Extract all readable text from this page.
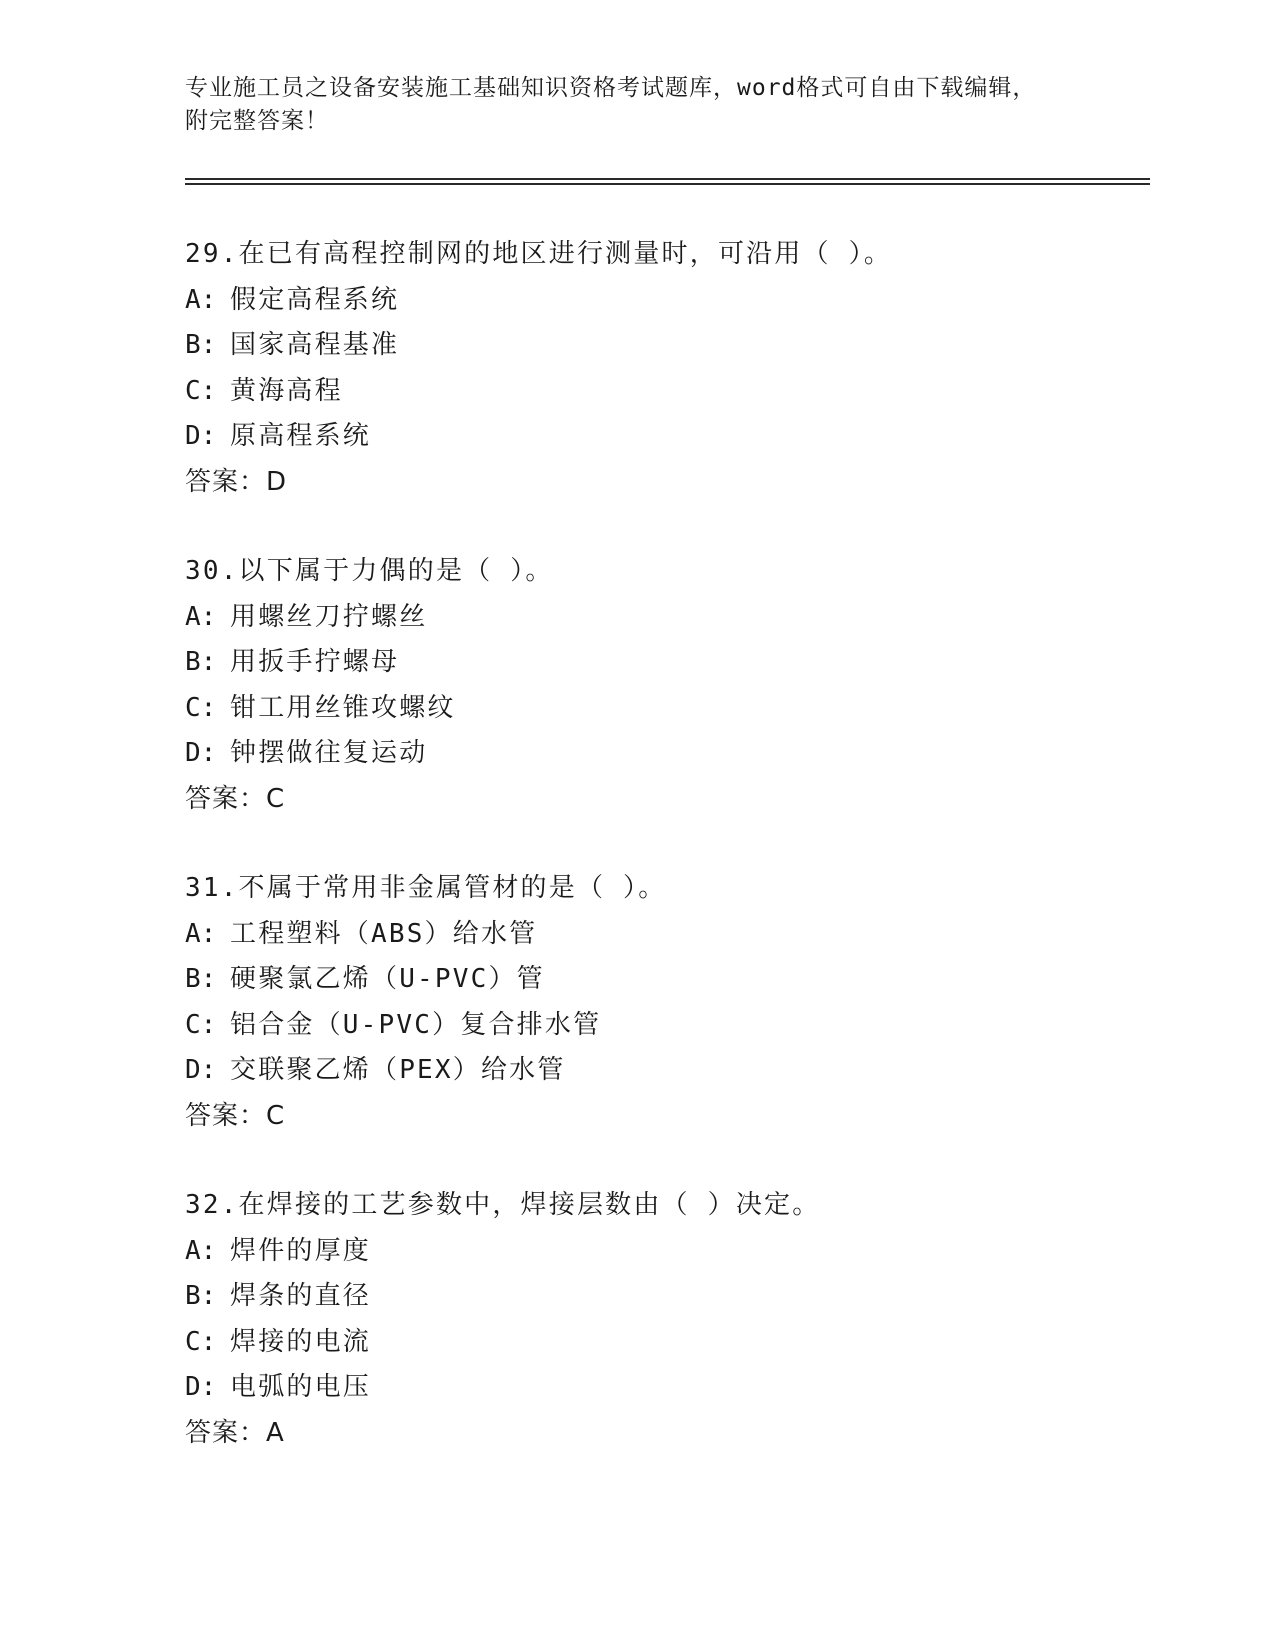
专业施工员之设备安装施工基础知识资格考试题库，word格式可自由下载编辑，
附完整答案！
29.在已有高程控制网的地区进行测量时，可沿用（ ）。
A: 假定高程系统
B: 国家高程基准
C: 黄海高程
D: 原高程系统
答案：D
30.以下属于力偶的是（ ）。
A: 用螺丝刀拧螺丝
B: 用扳手拧螺母
C: 钳工用丝锥攻螺纹
D: 钟摆做往复运动
答案：C
31.不属于常用非金属管材的是（ ）。
A: 工程塑料（ABS）给水管
B: 硬聚氯乙烯（U-PVC）管
C: 铝合金（U-PVC）复合排水管
D: 交联聚乙烯（PEX）给水管
答案：C
32.在焊接的工艺参数中，焊接层数由（ ）决定。
A: 焊件的厚度
B: 焊条的直径
C: 焊接的电流
D: 电弧的电压
答案：A
